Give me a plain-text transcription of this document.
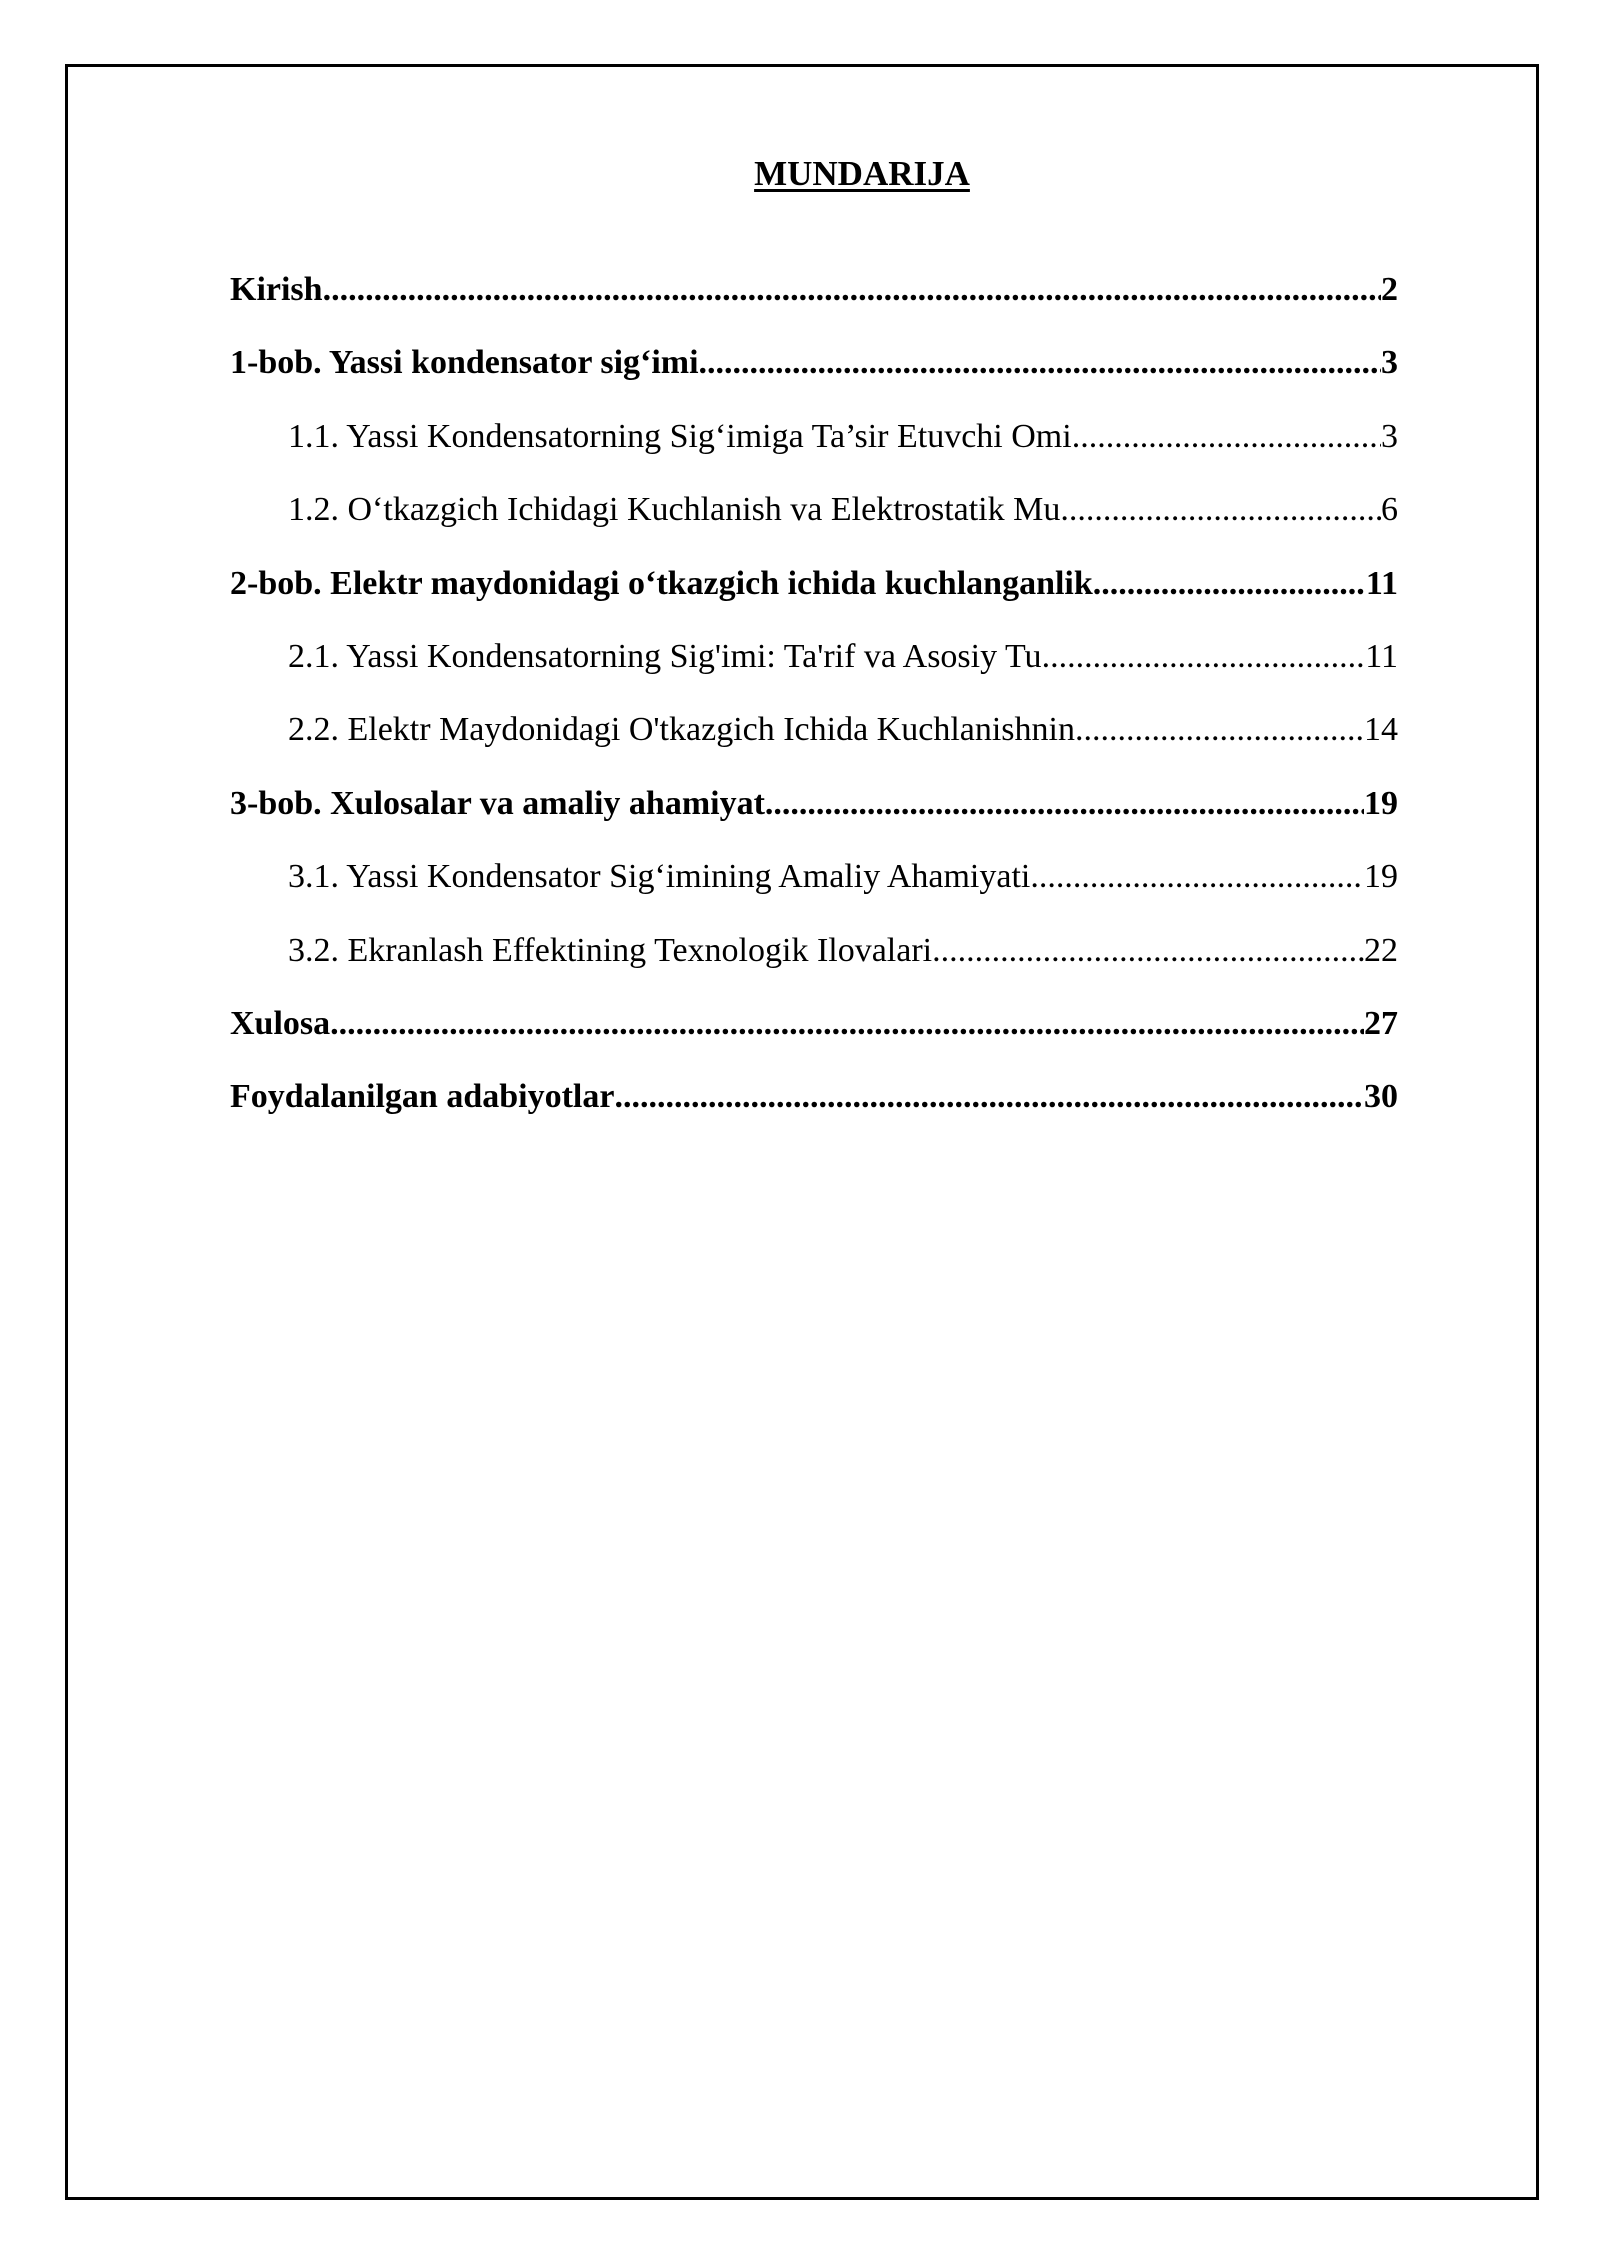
MUNDARIJA
Kirish .....	2
1-bob. Yassi kondensator sig‘imi .....	3
1.1. Yassi Kondensatorning Sig‘imiga Ta’sir Etuvchi Omi .....	3
1.2. O‘tkazgich Ichidagi Kuchlanish va Elektrostatik Mu .....	6
2-bob. Elektr maydonidagi o‘tkazgich ichida kuchlanganlik .....	11
2.1. Yassi Kondensatorning Sig'imi: Ta'rif va Asosiy Tu .....	11
2.2. Elektr Maydonidagi O'tkazgich Ichida Kuchlanishnin .....	14
3-bob. Xulosalar va amaliy ahamiyat .....	19
3.1. Yassi Kondensator Sig‘imining Amaliy Ahamiyati .....	19
3.2. Ekranlash Effektining Texnologik Ilovalari .....	22
Xulosa .....	27
Foydalanilgan adabiyotlar .....	30
